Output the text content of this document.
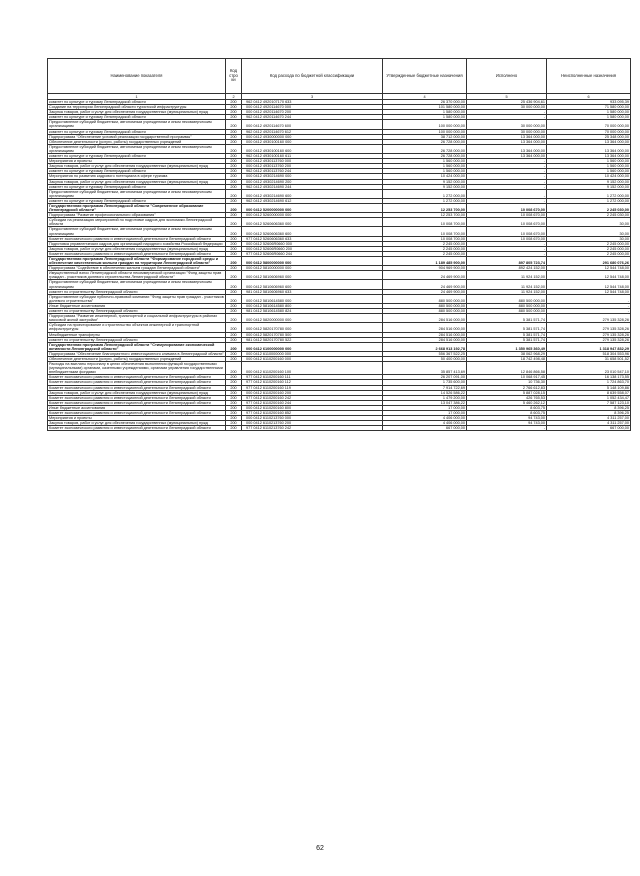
Наименование показателя	Код стро ки	Код расхода по бюджетной классификации	Утвержденные бюджетные назначения	Исполнено	Неисполненные назначения
1	2	3	4	5	6
комитет по культуре и туризму Ленинградской области	200	962 0412 4920107170 633	26 370 000,00	25 436 904,61	933 095,39
Создание на территории Ленинградской области туристской инфраструктуры	200	000 0412 4920114670 000	101 580 000,00	30 000 000,00	71 580 000,00
Закупка товаров, работ и услуг для обеспечения государственных (муниципальных) нужд	200	000 0412 4920114670 200	1 580 000,00	-	1 580 000,00
комитет по культуре и туризму Ленинградской области	200	962 0412 4920114670 244	1 580 000,00	-	1 580 000,00
Предоставление субсидий бюджетным, автономным учреждениям и иным некоммерческим организациям	200	000 0412 4920114670 600	100 000 000,00	30 000 000,00	70 000 000,00
комитет по культуре и туризму Ленинградской области	200	962 0412 4920114670 612	100 000 000,00	30 000 000,00	70 000 000,00
Подпрограмма "Обеспечение условий реализации государственной программы"	200	000 0412 4930000000 000	38 712 000,00	13 364 000,00	25 348 000,00
Обеспечение деятельности (услуги, работы) государственных учреждений	200	000 0412 4930100160 000	26 728 000,00	13 364 000,00	13 364 000,00
Предоставление субсидий бюджетным, автономным учреждениям и иным некоммерческим организациям	200	000 0412 4930100160 600	26 728 000,00	13 364 000,00	13 364 000,00
комитет по культуре и туризму Ленинградской области	200	962 0412 4930100160 611	26 728 000,00	13 364 000,00	13 364 000,00
Мероприятия и проекты	200	000 0412 4930113760 000	1 560 000,00	-	1 560 000,00
Закупка товаров, работ и услуг для обеспечения государственных (муниципальных) нужд	200	000 0412 4930113760 200	1 560 000,00	-	1 560 000,00
комитет по культуре и туризму Ленинградской области	200	962 0412 4930113760 244	1 560 000,00	-	1 560 000,00
Мероприятия по развитию кадрового потенциала в сфере туризма	200	000 0412 4930214690 000	10 424 000,00	-	10 424 000,00
Закупка товаров, работ и услуг для обеспечения государственных (муниципальных) нужд	200	000 0412 4930214690 200	9 152 000,00	-	9 152 000,00
комитет по культуре и туризму Ленинградской области	200	962 0412 4930214690 244	9 152 000,00	-	9 152 000,00
Предоставление субсидий бюджетным, автономным учреждениям и иным некоммерческим организациям	200	000 0412 4930214690 600	1 272 000,00	-	1 272 000,00
комитет по культуре и туризму Ленинградской области	200	962 0412 4930214690 612	1 272 000,00	-	1 272 000,00
Государственная программа Ленинградской области "Современное образование Ленинградской области"	200	000 0412 5200000000 000	12 253 700,00	10 008 670,00	2 245 030,00
Подпрограмма "Развитие профессионального образования"	200	000 0412 5260000000 000	12 253 700,00	10 008 670,00	2 245 030,00
Субсидии на реализацию мероприятий по подготовке кадров для экономики Ленинградской области	200	000 0412 5260606360 000	10 008 700,00	10 008 670,00	30,00
Предоставление субсидий бюджетным, автономным учреждениям и иным некоммерческим организациям	200	000 0412 5260606360 600	10 008 700,00	10 008 670,00	30,00
Комитет экономического развития и инвестиционной деятельности Ленинградской области	200	977 0412 5260606360 633	10 008 700,00	10 008 670,00	30,00
Подготовка управленческих кадров для организаций народного хозяйства Российской Федерации	200	000 0412 52606R0660 000	2 245 000,00	-	2 245 000,00
Закупка товаров, работ и услуг для обеспечения государственных (муниципальных) нужд	200	000 0412 52606R0660 200	2 245 000,00	-	2 245 000,00
Комитет экономического развития и инвестиционной деятельности Ленинградской области	200	977 0412 52606R0660 244	2 245 000,00	-	2 245 000,00
Государственная программа Ленинградской области "Формирование городской среды и обеспечение качественным жильем граждан на территории Ленинградской области"	200	000 0412 5800000000 000	1 189 485 900,00	897 805 723,74	291 680 076,26
Подпрограмма "Содействие в обеспечении жильем граждан Ленинградской области"	200	000 0412 5810000000 000	904 969 900,00	892 424 152,00	12 544 748,00
Имущественный взнос Ленинградской области некоммерческой организации "Фонд защиты прав граждан - участников долевого строительства Ленинградской области"	200	000 0412 5810606960 000	24 469 900,00	11 924 152,00	12 544 748,00
Предоставление субсидий бюджетным, автономным учреждениям и иным некоммерческим организациям	200	000 0412 5810606960 600	24 469 900,00	11 924 152,00	12 544 748,00
комитет по строительству Ленинградской области	200	981 0412 5810606960 633	24 469 900,00	11 924 152,00	12 544 748,00
Предоставление субсидии публично-правовой компании "Фонд защиты прав граждан - участников долевого строительства"	200	000 0412 5810614580 000	880 500 000,00	880 500 000,00	-
Иные бюджетные ассигнования	200	000 0412 5810614580 800	880 500 000,00	880 500 000,00	-
комитет по строительству Ленинградской области	200	981 0412 5810614580 824	880 500 000,00	880 500 000,00	-
Подпрограмма "Развитие инженерной, транспортной и социальной инфраструктуры в районах массовой жилой застройки"	200	000 0412 5820000000 000	284 516 000,00	5 381 571,74	279 135 328,26
Субсидии на проектирование и строительство объектов инженерной и транспортной инфраструктуры	200	000 0412 5820170780 000	284 516 000,00	5 381 571,74	279 135 328,26
Межбюджетные трансферты	200	000 0412 5820170780 500	284 516 000,00	5 381 571,74	279 135 328,26
комитет по строительству Ленинградской области	200	981 0412 5820170780 522	284 516 000,00	5 381 571,74	279 135 328,26
Государственная программа Ленинградской области "Стимулирование экономической активности Ленинградской области"	200	000 0412 6100000000 000	2 668 913 192,78	1 350 965 360,49	1 318 947 832,29
Подпрограмма "Обеспечение благоприятного инвестиционного климата в Ленинградской области"	200	000 0412 6110000000 000	556 367 522,25	38 062 968,29	518 304 553,96
Обеспечение деятельности (услуги, работы) государственных учреждений	200	000 0412 6110200160 000	50 400 000,00	18 742 498,48	31 658 501,52
Расходы на выплаты персоналу в целях обеспечения выполнения функций государственными (муниципальными) органами, казенными учреждениями, органами управления государственными внебюджетными фондами	200	000 0412 6110200160 100	35 857 413,69	12 846 866,58	23 010 547,10
Комитет экономического развития и инвестиционной деятельности Ленинградской области	200	977 0412 6110200160 111	26 207 091,00	10 068 917,45	16 138 173,55
Комитет экономического развития и инвестиционной деятельности Ленинградской области	200	977 0412 6110200160 112	1 735 600,00	10 736,30	1 724 863,70
Комитет экономического развития и инвестиционной деятельности Ленинградской области	200	977 0412 6110200160 119	7 914 722,69	2 766 612,83	5 148 109,86
Закупка товаров, работ и услуг для обеспечения государственных (муниципальных) нужд	200	000 0412 6110200160 200	14 526 586,22	5 887 028,15	8 639 558,07
Комитет экономического развития и инвестиционной деятельности Ленинградской области	200	977 0412 6110200160 242	1 479 200,00	426 765,53	1 052 434,47
Комитет экономического развития и инвестиционной деятельности Ленинградской области	200	977 0412 6110200160 244	13 047 386,22	5 460 262,12	7 587 123,10
Иные бюджетные ассигнования	200	000 0412 6110200160 800	17 000,00	8 603,75	8 396,25
Комитет экономического развития и инвестиционной деятельности Ленинградской области	200	977 0412 6110200160 852	17 000,00	8 603,75	8 396,25
Мероприятия и проекты	200	000 0412 6110213760 000	4 406 000,00	94 743,00	4 311 257,00
Закупка товаров, работ и услуг для обеспечения государственных (муниципальных) нужд	200	000 0412 6110213760 200	4 406 000,00	94 743,00	4 311 257,00
Комитет экономического развития и инвестиционной деятельности Ленинградской области	200	977 0412 6110213760 242	667 000,00	-	667 000,00
62
